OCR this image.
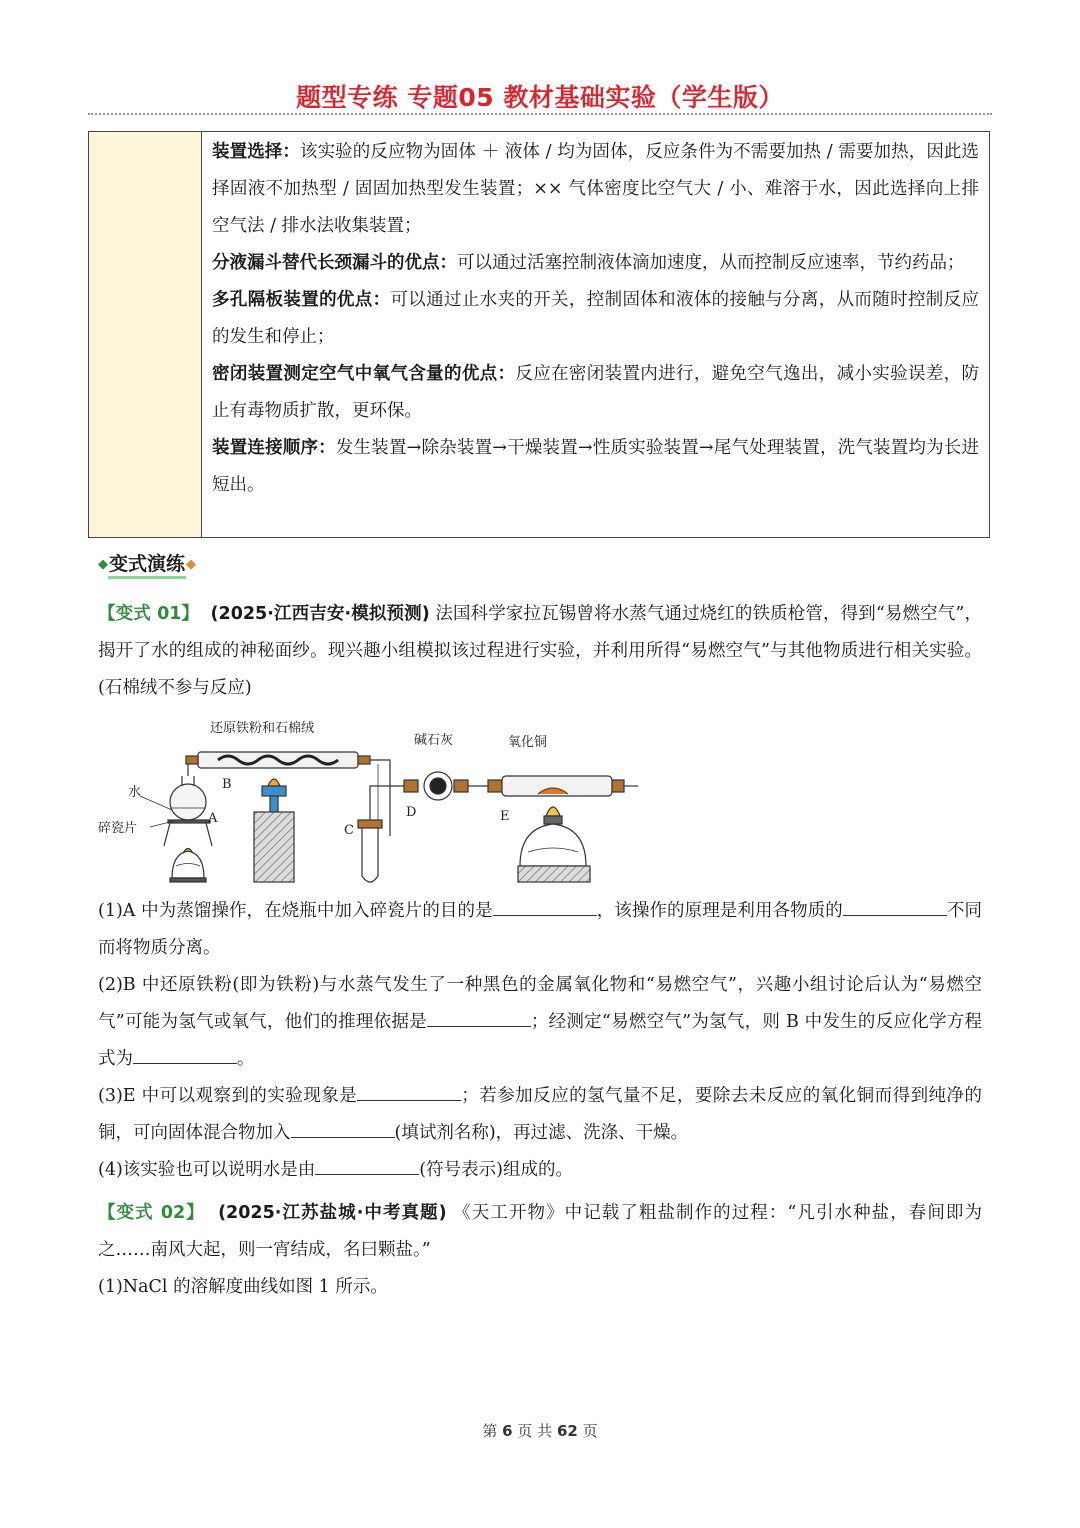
题型专练 专题05 教材基础实验（学生版）

装置选择：该实验的反应物为固体 ＋ 液体 / 均为固体，反应条件为不需要加热 / 需要加热，因此选择固液不加热型 / 固固加热型发生装置；×× 气体密度比空气大 / 小、难溶于水，因此选择向上排空气法 / 排水法收集装置；

分液漏斗替代长颈漏斗的优点：可以通过活塞控制液体滴加速度，从而控制反应速率，节约药品；

多孔隔板装置的优点：可以通过止水夹的开关，控制固体和液体的接触与分离，从而随时控制反应的发生和停止；

密闭装置测定空气中氧气含量的优点：反应在密闭装置内进行，避免空气逸出，减小实验误差，防止有毒物质扩散，更环保。

装置连接顺序：发生装置→除杂装置→干燥装置→性质实验装置→尾气处理装置，洗气装置均为长进短出。

◆ 变式演练 ◆

【变式 01】 (2025·江西吉安·模拟预测) 法国科学家拉瓦锡曾将水蒸气通过烧红的铁质枪管，得到“易燃空气”，揭开了水的组成的神秘面纱。现兴趣小组模拟该过程进行实验，并利用所得“易燃空气”与其他物质进行相关实验。(石棉绒不参与反应)

还原铁粉和石棉绒
碱石灰	氧化铜
水
碎瓷片
A
B
C
D	E

(1)A 中为蒸馏操作，在烧瓶中加入碎瓷片的目的是	，该操作的原理是利用各物质的	不同而将物质分离。

(2)B 中还原铁粉(即为铁粉)与水蒸气发生了一种黑色的金属氧化物和“易燃空气”，兴趣小组讨论后认为“易燃空气”可能为氢气或氧气，他们的推理依据是	；经测定“易燃空气”为氢气，则 B 中发生的反应化学方程式为	。

(3)E 中可以观察到的实验现象是	；若参加反应的氢气量不足，要除去未反应的氧化铜而得到纯净的铜，可向固体混合物加入	(填试剂名称)，再过滤、洗涤、干燥。

(4)该实验也可以说明水是由	(符号表示)组成的。

【变式 02】 (2025·江苏盐城·中考真题) 《天工开物》中记载了粗盐制作的过程：“凡引水种盐，春间即为之……南风大起，则一宵结成，名曰颗盐。”

(1)NaCl 的溶解度曲线如图 1 所示。

第 6 页 共 62 页
